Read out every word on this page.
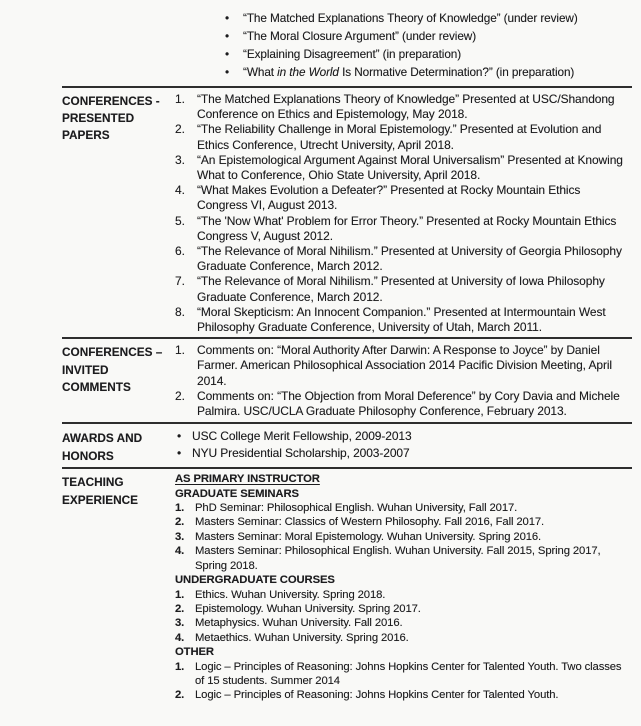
•	“The Matched Explanations Theory of Knowledge” (under review)
•	“The Moral Closure Argument” (under review)
•	“Explaining Disagreement” (in preparation)
•	“What in the World Is Normative Determination?” (in preparation)
CONFERENCES -
PRESENTED PAPERS
1.	“The Matched Explanations Theory of Knowledge” Presented at USC/Shandong Conference on Ethics and Epistemology, May 2018.
2.	“The Reliability Challenge in Moral Epistemology.” Presented at Evolution and Ethics Conference, Utrecht University, April 2018.
3.	“An Epistemological Argument Against Moral Universalism” Presented at Knowing What to Conference, Ohio State University, April 2018.
4.	“What Makes Evolution a Defeater?” Presented at Rocky Mountain Ethics Congress VI, August 2013.
5.	“The 'Now What' Problem for Error Theory.” Presented at Rocky Mountain Ethics Congress V, August 2012.
6.	“The Relevance of Moral Nihilism.” Presented at University of Georgia Philosophy Graduate Conference, March 2012.
7.	“The Relevance of Moral Nihilism.” Presented at University of Iowa Philosophy Graduate Conference, March 2012.
8.	“Moral Skepticism: An Innocent Companion.” Presented at Intermountain West Philosophy Graduate Conference, University of Utah, March 2011.
CONFERENCES –
INVITED
COMMENTS
1.	Comments on: “Moral Authority After Darwin: A Response to Joyce” by Daniel Farmer. American Philosophical Association 2014 Pacific Division Meeting, April 2014.
2.	Comments on: “The Objection from Moral Deference” by Cory Davia and Michele Palmira. USC/UCLA Graduate Philosophy Conference, February 2013.
AWARDS AND
HONORS
• USC College Merit Fellowship, 2009-2013
• NYU Presidential Scholarship, 2003-2007
TEACHING
EXPERIENCE
AS PRIMARY INSTRUCTOR
GRADUATE SEMINARS
1. PhD Seminar: Philosophical English. Wuhan University, Fall 2017.
2. Masters Seminar: Classics of Western Philosophy. Fall 2016, Fall 2017.
3. Masters Seminar: Moral Epistemology. Wuhan University. Spring 2016.
4. Masters Seminar: Philosophical English. Wuhan University. Fall 2015, Spring 2017, Spring 2018.
UNDERGRADUATE COURSES
1. Ethics. Wuhan University. Spring 2018.
2. Epistemology. Wuhan University. Spring 2017.
3. Metaphysics. Wuhan University. Fall 2016.
4. Metaethics. Wuhan University. Spring 2016.
OTHER
1. Logic – Principles of Reasoning: Johns Hopkins Center for Talented Youth. Two classes of 15 students. Summer 2014
2. Logic – Principles of Reasoning: Johns Hopkins Center for Talented Youth.
